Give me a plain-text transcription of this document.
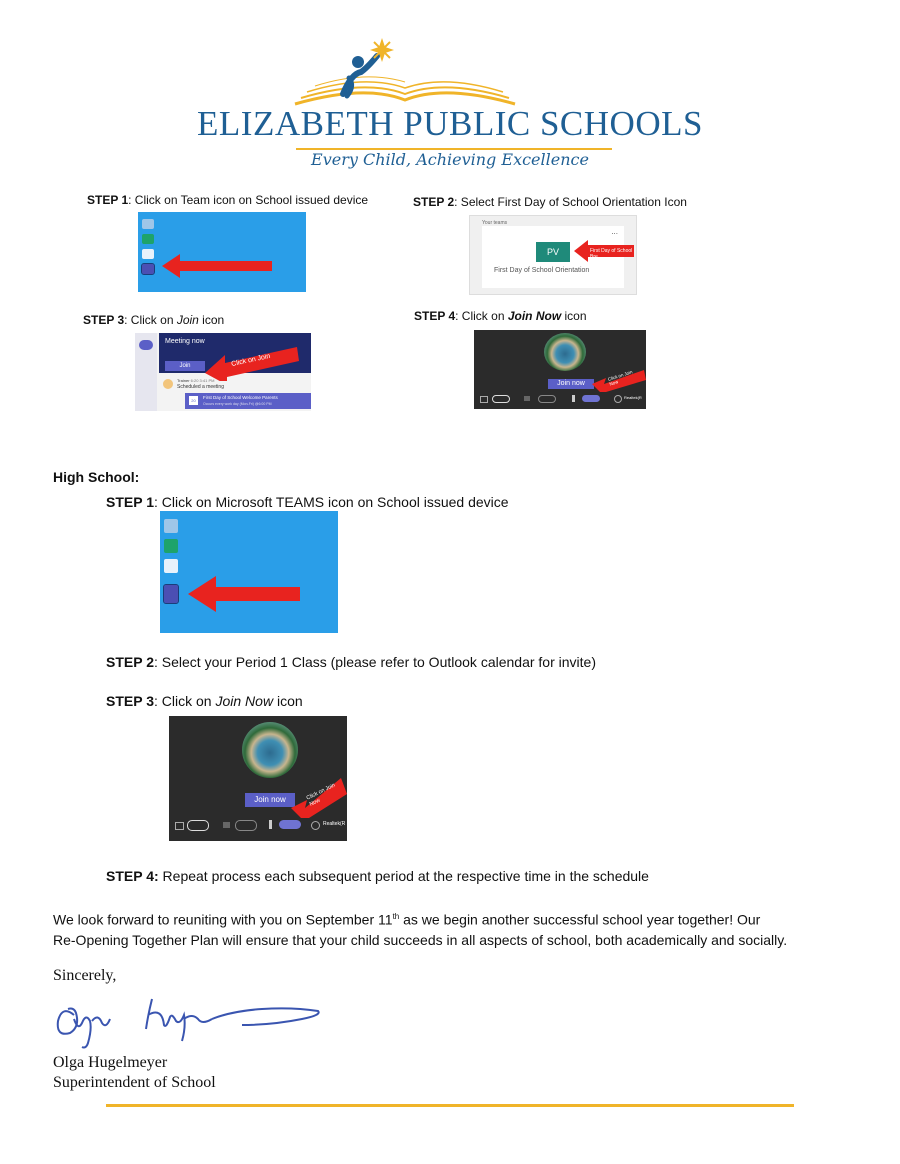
ELIZABETH PUBLIC SCHOOLS
Every Child, Achieving Excellence
STEP 1: Click on Team icon on School issued device	STEP 2: Select First Day of School Orientation Icon
Your teams
...
PV
First Day of School Orientation
First Day of School Bre
STEP 3: Click on Join icon
Meeting now
Join	Click on Join
Trainer 6:20 3:41 PM
Scheduled a meeting
20
First Day of School Welcome Parents
Occurs every work day (Mon-Fri) @6:00 PM
STEP 4: Click on Join Now icon
Join now
Click on Join Now
Realtek(R
High School:
STEP 1: Click on Microsoft TEAMS icon on School issued device
STEP 2: Select your Period 1 Class (please refer to Outlook calendar for invite)
STEP 3: Click on Join Now icon
Join now	Click on Join Now
Realtek(R
STEP 4: Repeat process each subsequent period at the respective time in the schedule
We look forward to reuniting with you on September 11th as we begin another successful school year together! Our
Re-Opening Together Plan will ensure that your child succeeds in all aspects of school, both academically and socially.
Sincerely,
Olga Hugelmeyer
Superintendent of School
